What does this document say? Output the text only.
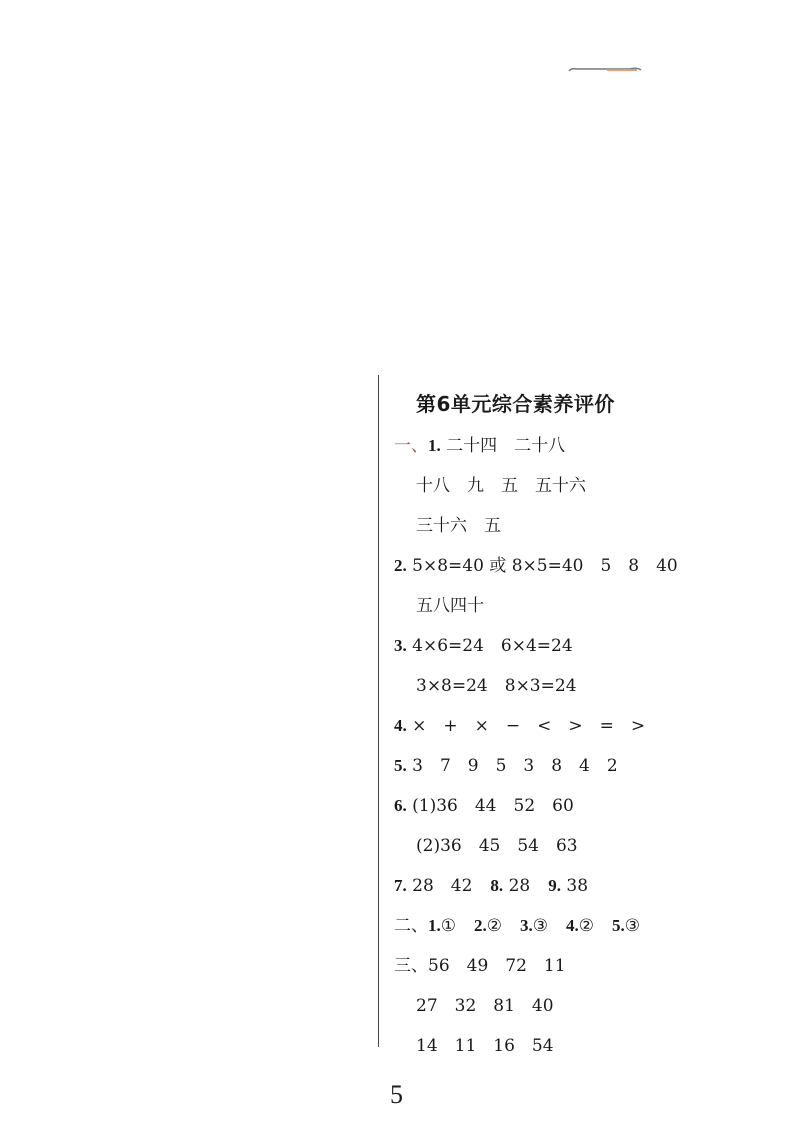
第6单元综合素养评价
一、1. 二十四　二十八
十八　九　五　五十六
三十六　五
2. 5×8=40 或 8×5=40　5　8　40
五八四十
3. 4×6=24　6×4=24
3×8=24　8×3=24
4. ×　+　×　−　<　>　=　>
5. 3　7　9　5　3　8　4　2
6. (1)36　44　52　60
(2)36　45　54　63
7. 28　42 8. 28 9. 38
二、1.① 2.② 3.③ 4.② 5.③
三、56　49　72　11
27　32　81　40
14　11　16　54
5
